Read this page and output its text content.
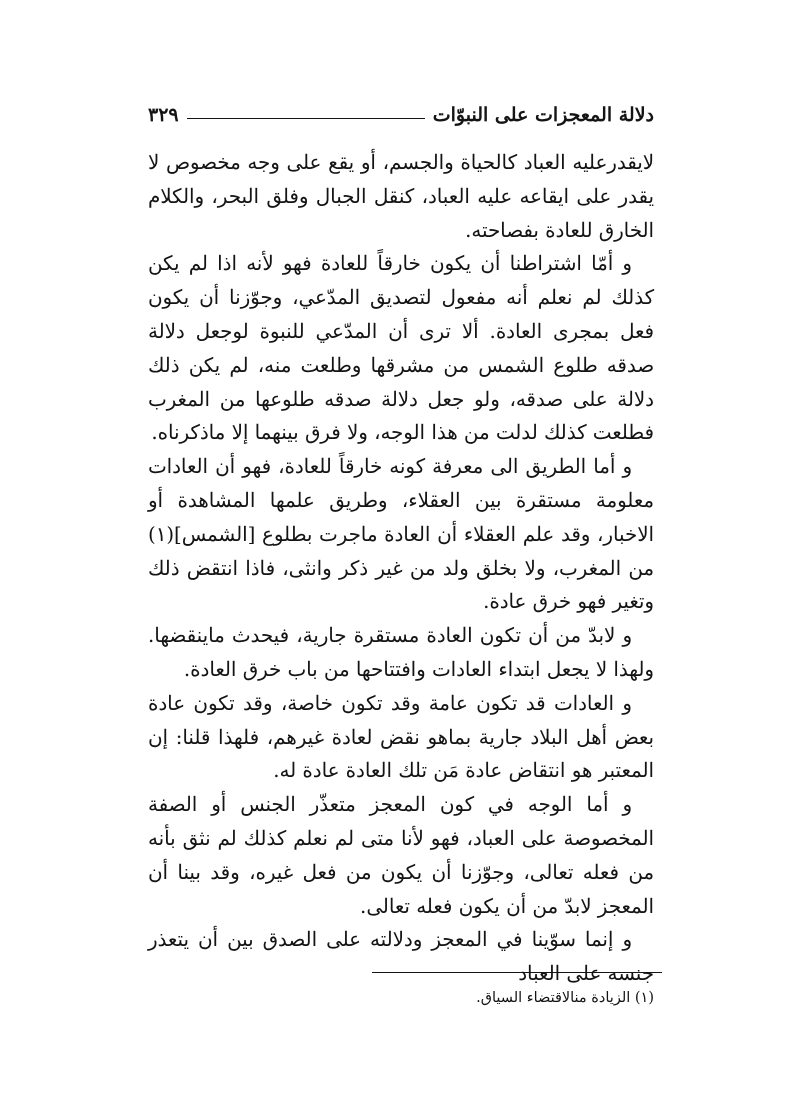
دلالة المعجزات على النبوّات
٣٢٩

لايقدرعليه العباد كالحياة والجسم، أو يقع على وجه مخصوص لا يقدر على ايقاعه عليه العباد، كنقل الجبال وفلق البحر، والكلام الخارق للعادة بفصاحته.

و أمّا اشتراطنا أن يكون خارقاً للعادة فهو لأنه اذا لم يكن كذلك لم نعلم أنه مفعول لتصديق المدّعي، وجوّزنا أن يكون فعل بمجرى العادة. ألا ترى أن المدّعي للنبوة لوجعل دلالة صدقه طلوع الشمس من مشرقها وطلعت منه، لم يكن ذلك دلالة على صدقه، ولو جعل دلالة صدقه طلوعها من المغرب فطلعت كذلك لدلت من هذا الوجه، ولا فرق بينهما إلا ماذكرناه.

و أما الطريق الى معرفة كونه خارقاً للعادة، فهو أن العادات معلومة مستقرة بين العقلاء، وطريق علمها المشاهدة أو الاخبار، وقد علم العقلاء أن العادة ماجرت بطلوع [الشمس](١) من المغرب، ولا بخلق ولد من غير ذكر وانثى، فاذا انتقض ذلك وتغير فهو خرق عادة.

و لابدّ من أن تكون العادة مستقرة جارية، فيحدث ماينقضها. ولهذا لا يجعل ابتداء العادات وافتتاحها من باب خرق العادة.

و العادات قد تكون عامة وقد تكون خاصة، وقد تكون عادة بعض أهل البلاد جارية بماهو نقض لعادة غيرهم، فلهذا قلنا: إن المعتبر هو انتقاض عادة مَن تلك العادة عادة له.

و أما الوجه في كون المعجز متعذّر الجنس أو الصفة المخصوصة على العباد، فهو لأنا متى لم نعلم كذلك لم نثق بأنه من فعله تعالى، وجوّزنا أن يكون من فعل غيره، وقد بينا أن المعجز لابدّ من أن يكون فعله تعالى.

و إنما سوّينا في المعجز ودلالته على الصدق بين أن يتعذر جنسه على العباد

(١) الزيادة منالاقتضاء السياق.
